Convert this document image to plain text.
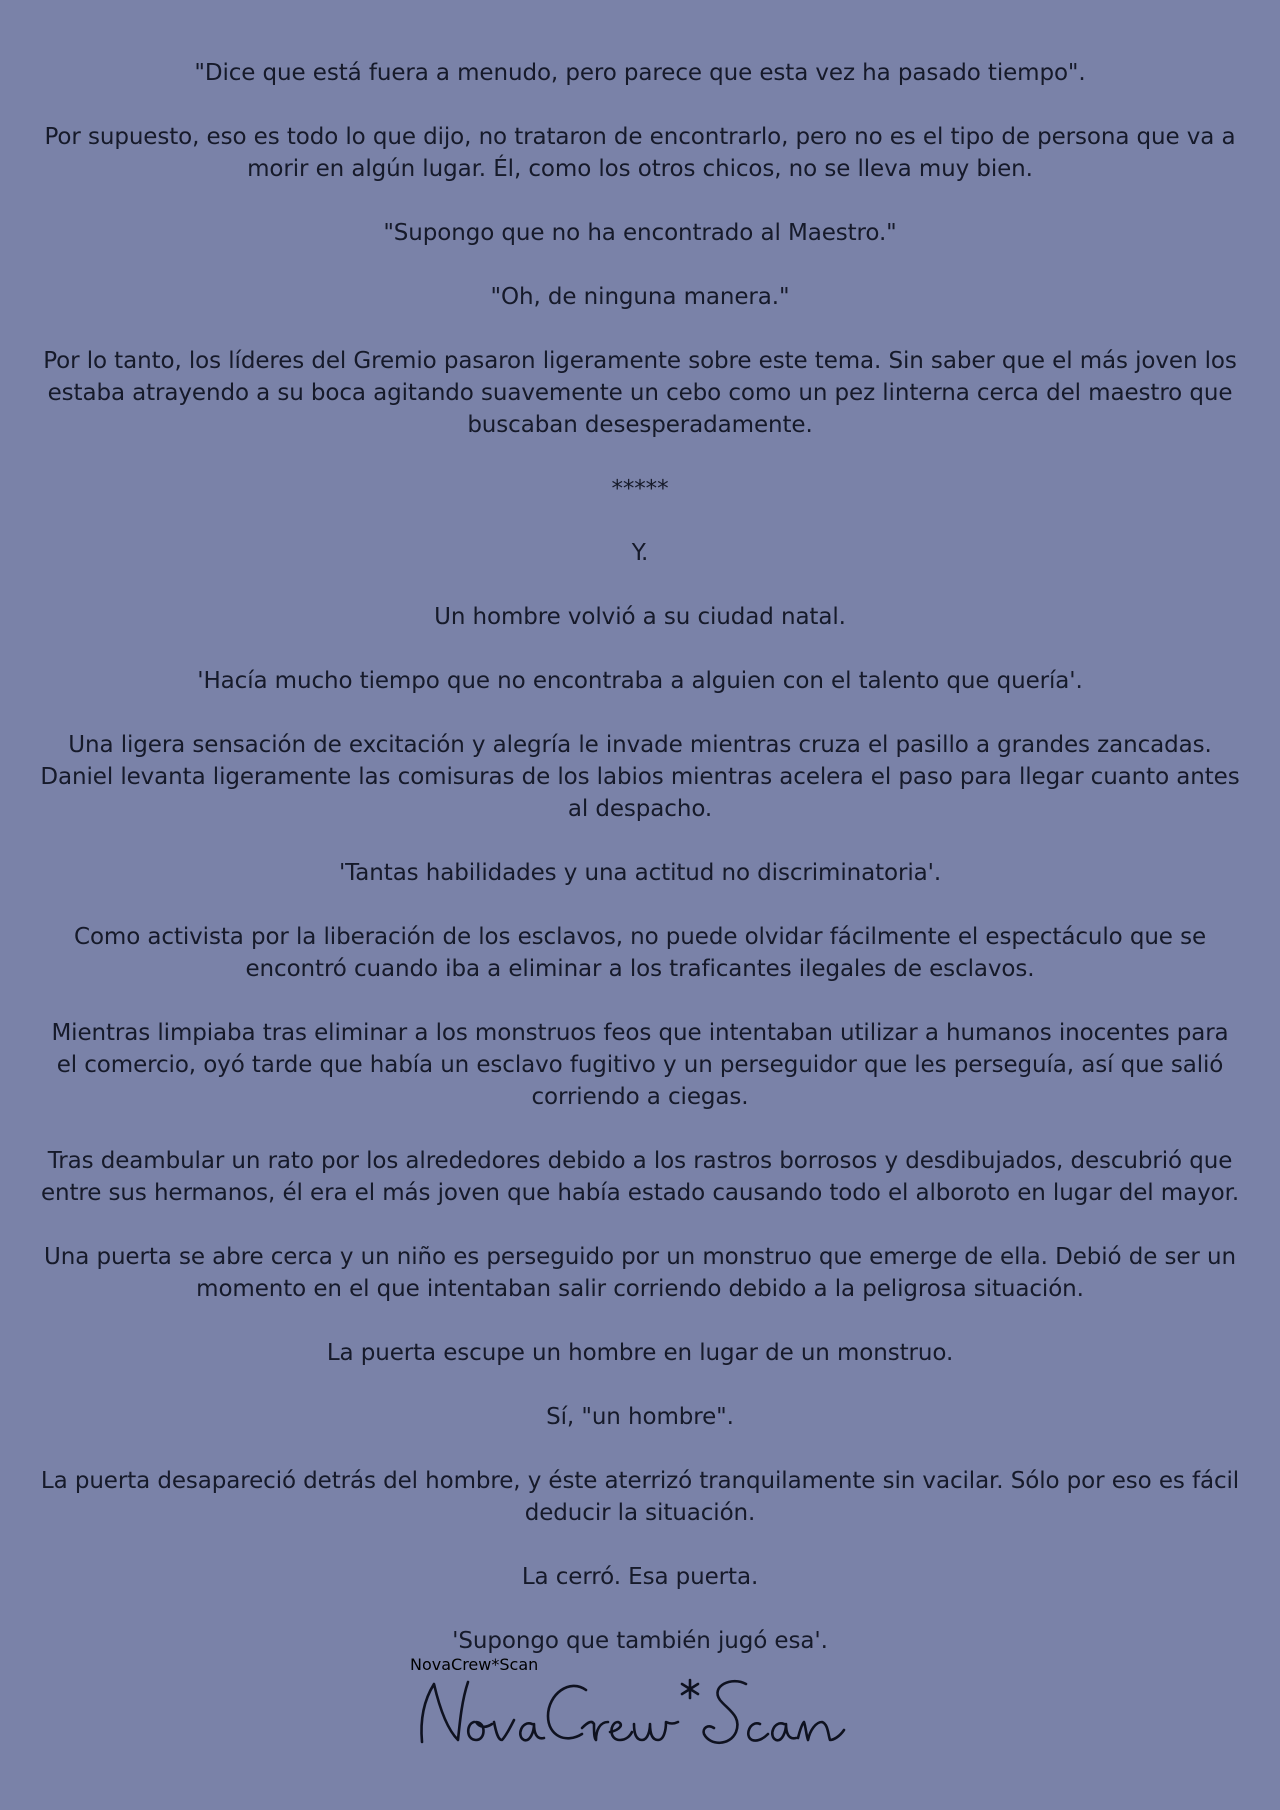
"Dice que está fuera a menudo, pero parece que esta vez ha pasado tiempo".

Por supuesto, eso es todo lo que dijo, no trataron de encontrarlo, pero no es el tipo de persona que va a morir en algún lugar. Él, como los otros chicos, no se lleva muy bien.

"Supongo que no ha encontrado al Maestro."

"Oh, de ninguna manera."

Por lo tanto, los líderes del Gremio pasaron ligeramente sobre este tema. Sin saber que el más joven los estaba atrayendo a su boca agitando suavemente un cebo como un pez linterna cerca del maestro que buscaban desesperadamente.

*****

Y.

Un hombre volvió a su ciudad natal.

'Hacía mucho tiempo que no encontraba a alguien con el talento que quería'.

Una ligera sensación de excitación y alegría le invade mientras cruza el pasillo a grandes zancadas. Daniel levanta ligeramente las comisuras de los labios mientras acelera el paso para llegar cuanto antes al despacho.

'Tantas habilidades y una actitud no discriminatoria'.

Como activista por la liberación de los esclavos, no puede olvidar fácilmente el espectáculo que se encontró cuando iba a eliminar a los traficantes ilegales de esclavos.

Mientras limpiaba tras eliminar a los monstruos feos que intentaban utilizar a humanos inocentes para el comercio, oyó tarde que había un esclavo fugitivo y un perseguidor que les perseguía, así que salió corriendo a ciegas.

Tras deambular un rato por los alrededores debido a los rastros borrosos y desdibujados, descubrió que entre sus hermanos, él era el más joven que había estado causando todo el alboroto en lugar del mayor.

Una puerta se abre cerca y un niño es perseguido por un monstruo que emerge de ella. Debió de ser un momento en el que intentaban salir corriendo debido a la peligrosa situación.

La puerta escupe un hombre en lugar de un monstruo.

Sí, "un hombre".

La puerta desapareció detrás del hombre, y éste aterrizó tranquilamente sin vacilar. Sólo por eso es fácil deducir la situación.

La cerró. Esa puerta.

'Supongo que también jugó esa'.

NovaCrew*Scan
